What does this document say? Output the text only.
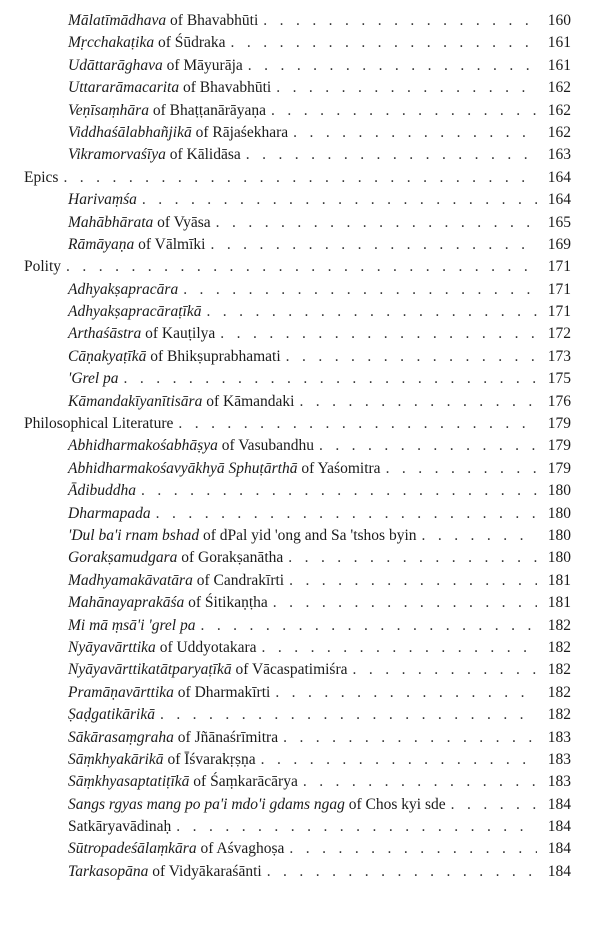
Mālatīmādhava of Bhavabhūti . . .	160
Mṛcchakaṭika of Śūdraka . . .	161
Udāttarāghava of Māyurāja . . .	161
Uttararāmacarita of Bhavabhūti . . .	162
Veṇīsaṃhāra of Bhaṭṭanārāyaṇa . . .	162
Viddhaśālabhañjikā of Rājaśekhara . . .	162
Vikramorvaśīya of Kālidāsa . . .	163
Epics . . .	164
Harivaṃśa . . .	164
Mahābhārata of Vyāsa . . .	165
Rāmāyaṇa of Vālmīki . . .	169
Polity . . .	171
Adhyakṣapracāra . . .	171
Adhyakṣapracāraṭīkā . . .	171
Arthaśāstra of Kauṭilya . . .	172
Cāṇakyaṭīkā of Bhikṣuprabhamati . . .	173
'Grel pa . . .	175
Kāmandakīyanītisāra of Kāmandaki . . .	176
Philosophical Literature . . .	179
Abhidharmakośabhāṣya of Vasubandhu . . .	179
Abhidharmakośavyākhyā Sphuṭārthā of Yaśomitra . . .	179
Ādibuddha . . .	180
Dharmapada . . .	180
'Dul ba'i rnam bshad of dPal yid 'ong and Sa 'tshos byin . . .	180
Gorakṣamudgara of Gorakṣanātha . . .	180
Madhyamakāvatāra of Candrakīrti . . .	181
Mahānayaprakāśa of Śitikaṇṭha . . .	181
Mi mā ṃsā'i 'grel pa . . .	182
Nyāyavārttika of Uddyotakara . . .	182
Nyāyavārttikatātparyaṭīkā of Vācaspatimiśra . . .	182
Pramāṇavārttika of Dharmakīrti . . .	182
Ṣaḍgatikārikā . . .	182
Sākārasaṃgraha of Jñānaśrīmitra . . .	183
Sāṃkhyakārikā of Īśvarakṛṣṇa . . .	183
Sāṃkhyasaptatiṭīkā of Śaṃkarācārya . . .	183
Sangs rgyas mang po pa'i mdo'i gdams ngag of Chos kyi sde . . .	184
Satkāryavādinaḥ . . .	184
Sūtropadeśālaṃkāra of Aśvaghoṣa . . .	184
Tarkasopāna of Vidyākaraśānti . . .	184
